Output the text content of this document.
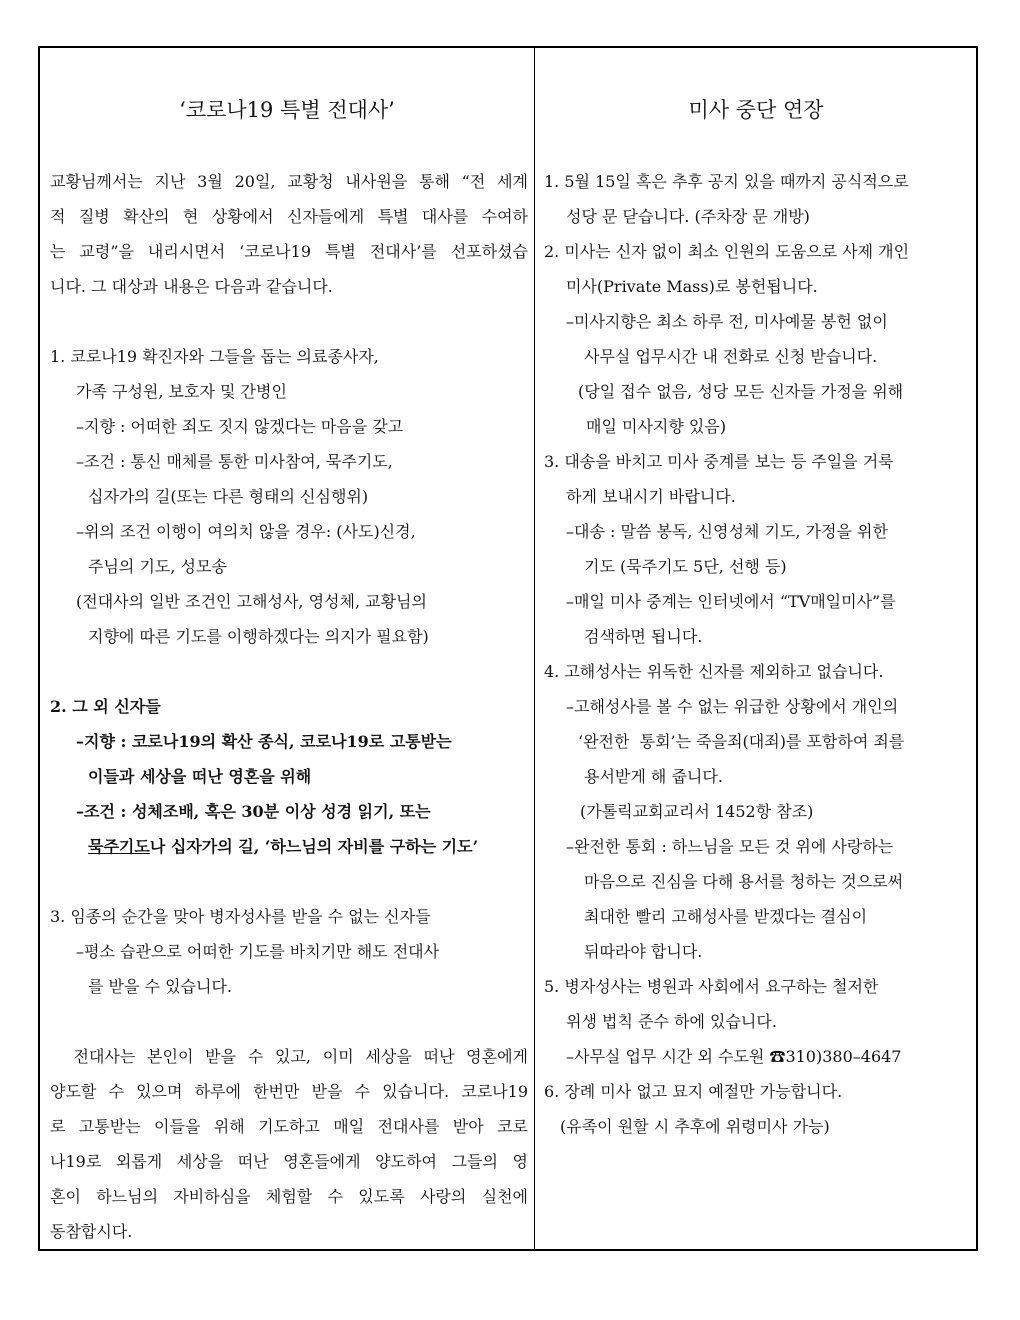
‘코로나19 특별 전대사’	미사 중단 연장
교황님께서는 지난 3월 20일, 교황청 내사원을 통해 “전 세계
적 질병 확산의 현 상황에서 신자들에게 특별 대사를 수여하
는 교령”을 내리시면서 ‘코로나19 특별 전대사’를 선포하셨습
니다. 그 대상과 내용은 다음과 같습니다.
1. 코로나19 확진자와 그들을 돕는 의료종사자,
가족 구성원, 보호자 및 간병인
–지향 : 어떠한 죄도 짓지 않겠다는 마음을 갖고
–조건 : 통신 매체를 통한 미사참여, 묵주기도,
십자가의 길(또는 다른 형태의 신심행위)
–위의 조건 이행이 여의치 않을 경우: (사도)신경,
주님의 기도, 성모송
(전대사의 일반 조건인 고해성사, 영성체, 교황님의
지향에 따른 기도를 이행하겠다는 의지가 필요함)
2. 그 외 신자들
–지향 : 코로나19의 확산 종식, 코로나19로 고통받는
이들과 세상을 떠난 영혼을 위해
–조건 : 성체조배, 혹은 30분 이상 성경 읽기, 또는
묵주기도나 십자가의 길, ‘하느님의 자비를 구하는 기도’
3. 임종의 순간을 맞아 병자성사를 받을 수 없는 신자들
–평소 습관으로 어떠한 기도를 바치기만 해도 전대사
를 받을 수 있습니다.
전대사는 본인이 받을 수 있고, 이미 세상을 떠난 영혼에게
양도할 수 있으며 하루에 한번만 받을 수 있습니다. 코로나19
로 고통받는 이들을 위해 기도하고 매일 전대사를 받아 코로
나19로 외롭게 세상을 떠난 영혼들에게 양도하여 그들의 영
혼이 하느님의 자비하심을 체험할 수 있도록 사랑의 실천에
동참합시다.
1. 5월 15일 혹은 추후 공지 있을 때까지 공식적으로
성당 문 닫습니다. (주차장 문 개방)
2. 미사는 신자 없이 최소 인원의 도움으로 사제 개인
미사(Private Mass)로 봉헌됩니다.
–미사지향은 최소 하루 전, 미사예물 봉헌 없이
사무실 업무시간 내 전화로 신청 받습니다.
(당일 접수 없음, 성당 모든 신자들 가정을 위해
매일 미사지향 있음)
3. 대송을 바치고 미사 중계를 보는 등 주일을 거룩
하게 보내시기 바랍니다.
–대송 : 말씀 봉독, 신영성체 기도, 가정을 위한
기도 (묵주기도 5단, 선행 등)
–매일 미사 중계는 인터넷에서 “TV매일미사”를
검색하면 됩니다.
4. 고해성사는 위독한 신자를 제외하고 없습니다.
–고해성사를 볼 수 없는 위급한 상황에서 개인의
‘완전한  통회’는 죽을죄(대죄)를 포함하여 죄를
용서받게 해 줍니다.
(가톨릭교회교리서 1452항 참조)
–완전한 통회 : 하느님을 모든 것 위에 사랑하는
마음으로 진심을 다해 용서를 청하는 것으로써
최대한 빨리 고해성사를 받겠다는 결심이
뒤따라야 합니다.
5. 병자성사는 병원과 사회에서 요구하는 철저한
위생 법칙 준수 하에 있습니다.
–사무실 업무 시간 외 수도원 ☎310)380–4647
6. 장례 미사 없고 묘지 예절만 가능합니다.
(유족이 원할 시 추후에 위령미사 가능)
